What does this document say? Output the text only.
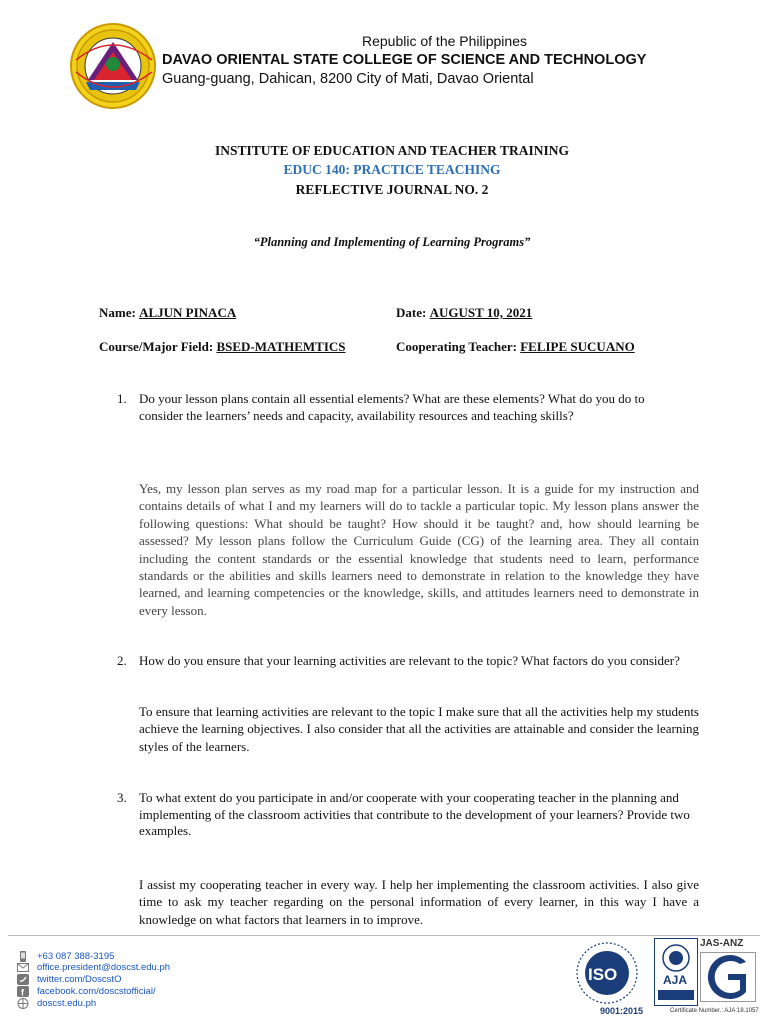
Republic of the Philippines
DAVAO ORIENTAL STATE COLLEGE OF SCIENCE AND TECHNOLOGY
Guang-guang, Dahican, 8200 City of Mati, Davao Oriental
INSTITUTE OF EDUCATION AND TEACHER TRAINING
EDUC 140: PRACTICE TEACHING
REFLECTIVE JOURNAL NO. 2
“Planning and Implementing of Learning Programs”
Name: ALJUN PINACA	Date: AUGUST 10, 2021
Course/Major Field: BSED-MATHEMTICS	Cooperating Teacher: FELIPE SUCUANO
1. Do your lesson plans contain all essential elements? What are these elements? What do you do to consider the learners’ needs and capacity, availability resources and teaching skills?
Yes, my lesson plan serves as my road map for a particular lesson. It is a guide for my instruction and contains details of what I and my learners will do to tackle a particular topic. My lesson plans answer the following questions: What should be taught? How should it be taught? and, how should learning be assessed? My lesson plans follow the Curriculum Guide (CG) of the learning area. They all contain including the content standards or the essential knowledge that students need to learn, performance standards or the abilities and skills learners need to demonstrate in relation to the knowledge they have learned, and learning competencies or the knowledge, skills, and attitudes learners need to demonstrate in every lesson.
2. How do you ensure that your learning activities are relevant to the topic? What factors do you consider?
To ensure that learning activities are relevant to the topic I make sure that all the activities help my students achieve the learning objectives. I also consider that all the activities are attainable and consider the learning styles of the learners.
3. To what extent do you participate in and/or cooperate with your cooperating teacher in the planning and implementing of the classroom activities that contribute to the development of your learners? Provide two examples.
I assist my cooperating teacher in every way. I help her implementing the classroom activities. I also give time to ask my teacher regarding on the personal information of every learner, in this way I have a knowledge on what factors that learners in to improve.
+63 087 388-3195
office.president@doscst.edu.ph
twitter.com/DoscstO
f facebook.com/doscstofficial/
doscst.edu.ph
ISO
9001:2015
AJA
JAS-ANZ
Certificate Number.: AJA:18.1057
